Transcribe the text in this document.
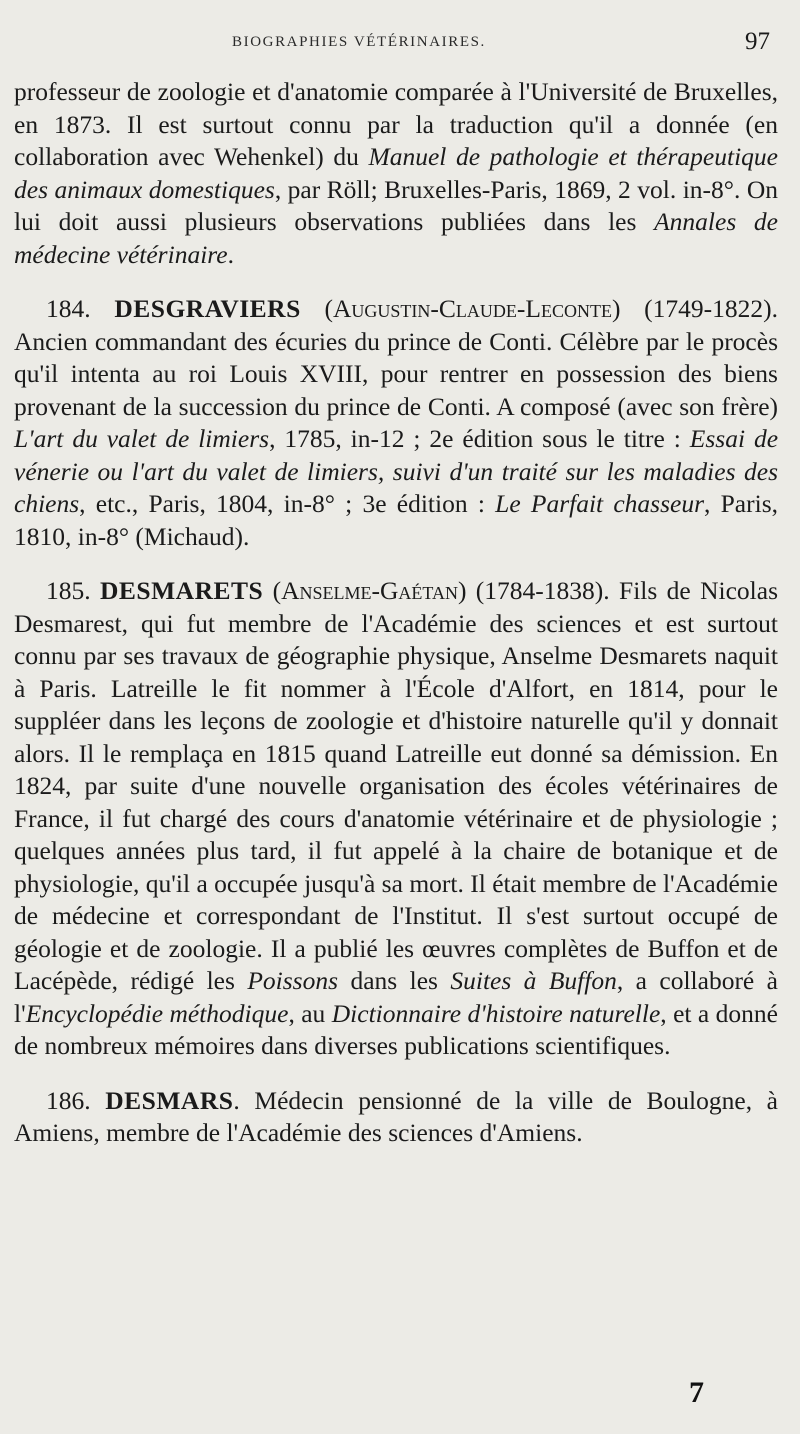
BIOGRAPHIES VÉTÉRINAIRES.	97

professeur de zoologie et d'anatomie comparée à l'Université de Bruxelles, en 1873. Il est surtout connu par la traduction qu'il a donnée (en collaboration avec Wehenkel) du Manuel de pathologie et thérapeutique des animaux domestiques, par Röll; Bruxelles-Paris, 1869, 2 vol. in-8°. On lui doit aussi plusieurs observations publiées dans les Annales de médecine vétérinaire.

184. DESGRAVIERS (Augustin-Claude-Leconte) (1749-1822). Ancien commandant des écuries du prince de Conti. Célèbre par le procès qu'il intenta au roi Louis XVIII, pour rentrer en possession des biens provenant de la succession du prince de Conti. A composé (avec son frère) L'art du valet de limiers, 1785, in-12 ; 2e édition sous le titre : Essai de vénerie ou l'art du valet de limiers, suivi d'un traité sur les maladies des chiens, etc., Paris, 1804, in-8° ; 3e édition : Le Parfait chasseur, Paris, 1810, in-8° (Michaud).

185. DESMARETS (Anselme-Gaétan) (1784-1838). Fils de Nicolas Desmarest, qui fut membre de l'Académie des sciences et est surtout connu par ses travaux de géographie physique, Anselme Desmarets naquit à Paris. Latreille le fit nommer à l'École d'Alfort, en 1814, pour le suppléer dans les leçons de zoologie et d'histoire naturelle qu'il y donnait alors. Il le remplaça en 1815 quand Latreille eut donné sa démission. En 1824, par suite d'une nouvelle organisation des écoles vétérinaires de France, il fut chargé des cours d'anatomie vétérinaire et de physiologie ; quelques années plus tard, il fut appelé à la chaire de botanique et de physiologie, qu'il a occupée jusqu'à sa mort. Il était membre de l'Académie de médecine et correspondant de l'Institut. Il s'est surtout occupé de géologie et de zoologie. Il a publié les œuvres complètes de Buffon et de Lacépède, rédigé les Poissons dans les Suites à Buffon, a collaboré à l'Encyclopédie méthodique, au Dictionnaire d'histoire naturelle, et a donné de nombreux mémoires dans diverses publications scientifiques.

186. DESMARS. Médecin pensionné de la ville de Boulogne, à Amiens, membre de l'Académie des sciences d'Amiens.

7
